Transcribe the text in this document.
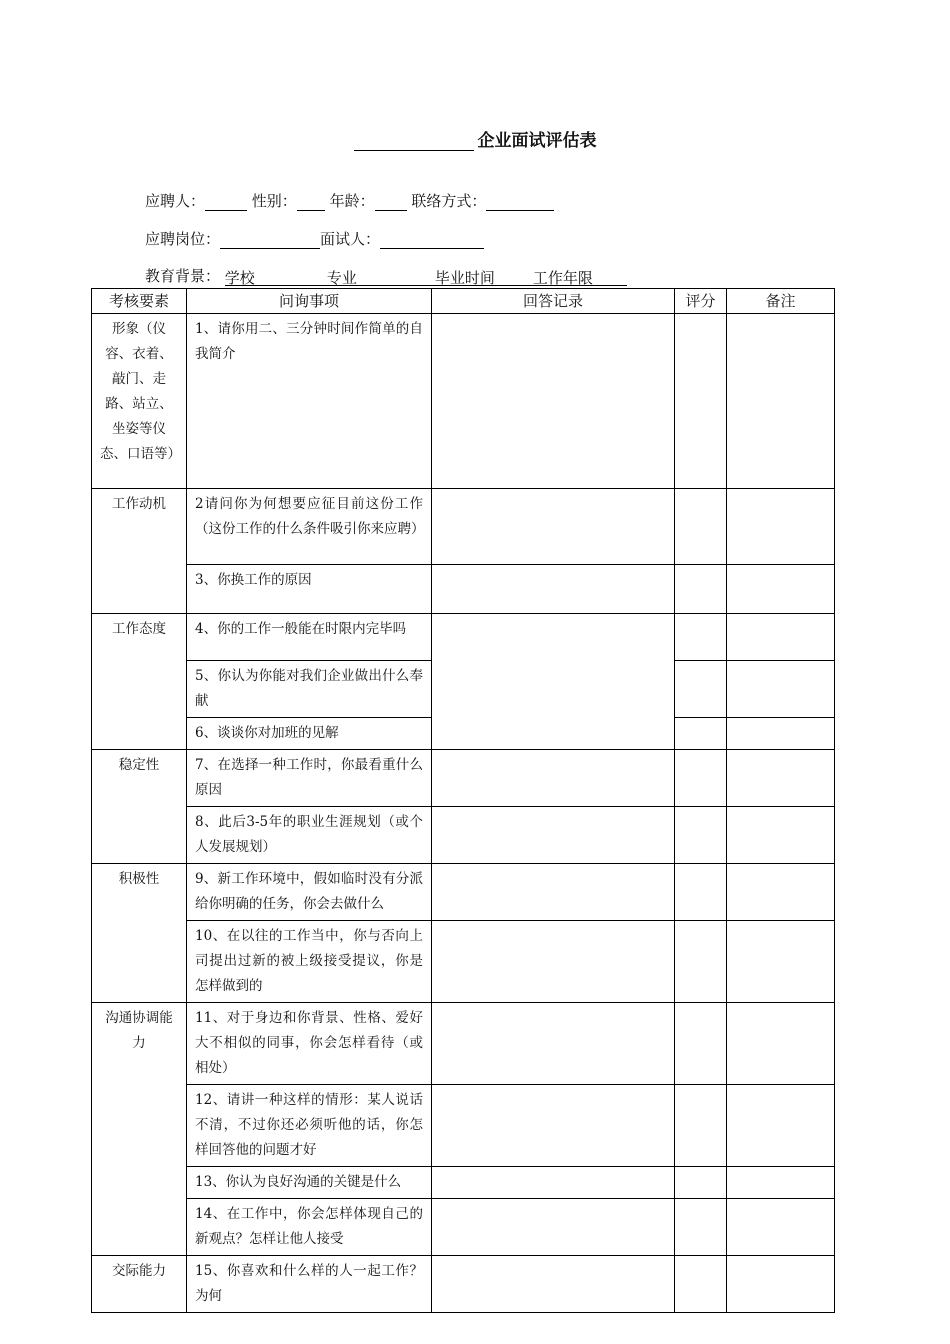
企业面试评估表
应聘人：	性别： 年龄： 联络方式：
应聘岗位：	面试人：
教育背景： 学校	专业	毕业时间	工作年限
考核要素	问询事项	回答记录	评分	备注
形象（仪容、衣着、敲门、走路、站立、坐姿等仪态、口语等）	1、请你用二、三分钟时间作简单的自我简介			
工作动机	2请问你为何想要应征目前这份工作（这份工作的什么条件吸引你来应聘）			
	3、你换工作的原因			
工作态度	4、你的工作一般能在时限内完毕吗			
	5、你认为你能对我们企业做出什么奉献			
	6、谈谈你对加班的见解			
稳定性	7、在选择一种工作时，你最看重什么原因			
	8、此后3-5年的职业生涯规划（或个人发展规划）			
积极性	9、新工作环境中，假如临时没有分派给你明确的任务，你会去做什么			
	10、在以往的工作当中，你与否向上司提出过新的被上级接受提议，你是怎样做到的			
沟通协调能力	11、对于身边和你背景、性格、爱好大不相似的同事，你会怎样看待（或相处）			
	12、请讲一种这样的情形：某人说话不清，不过你还必须听他的话，你怎样回答他的问题才好			
	13、你认为良好沟通的关键是什么			
	14、在工作中，你会怎样体现自己的新观点？怎样让他人接受			
交际能力	15、你喜欢和什么样的人一起工作？为何			
